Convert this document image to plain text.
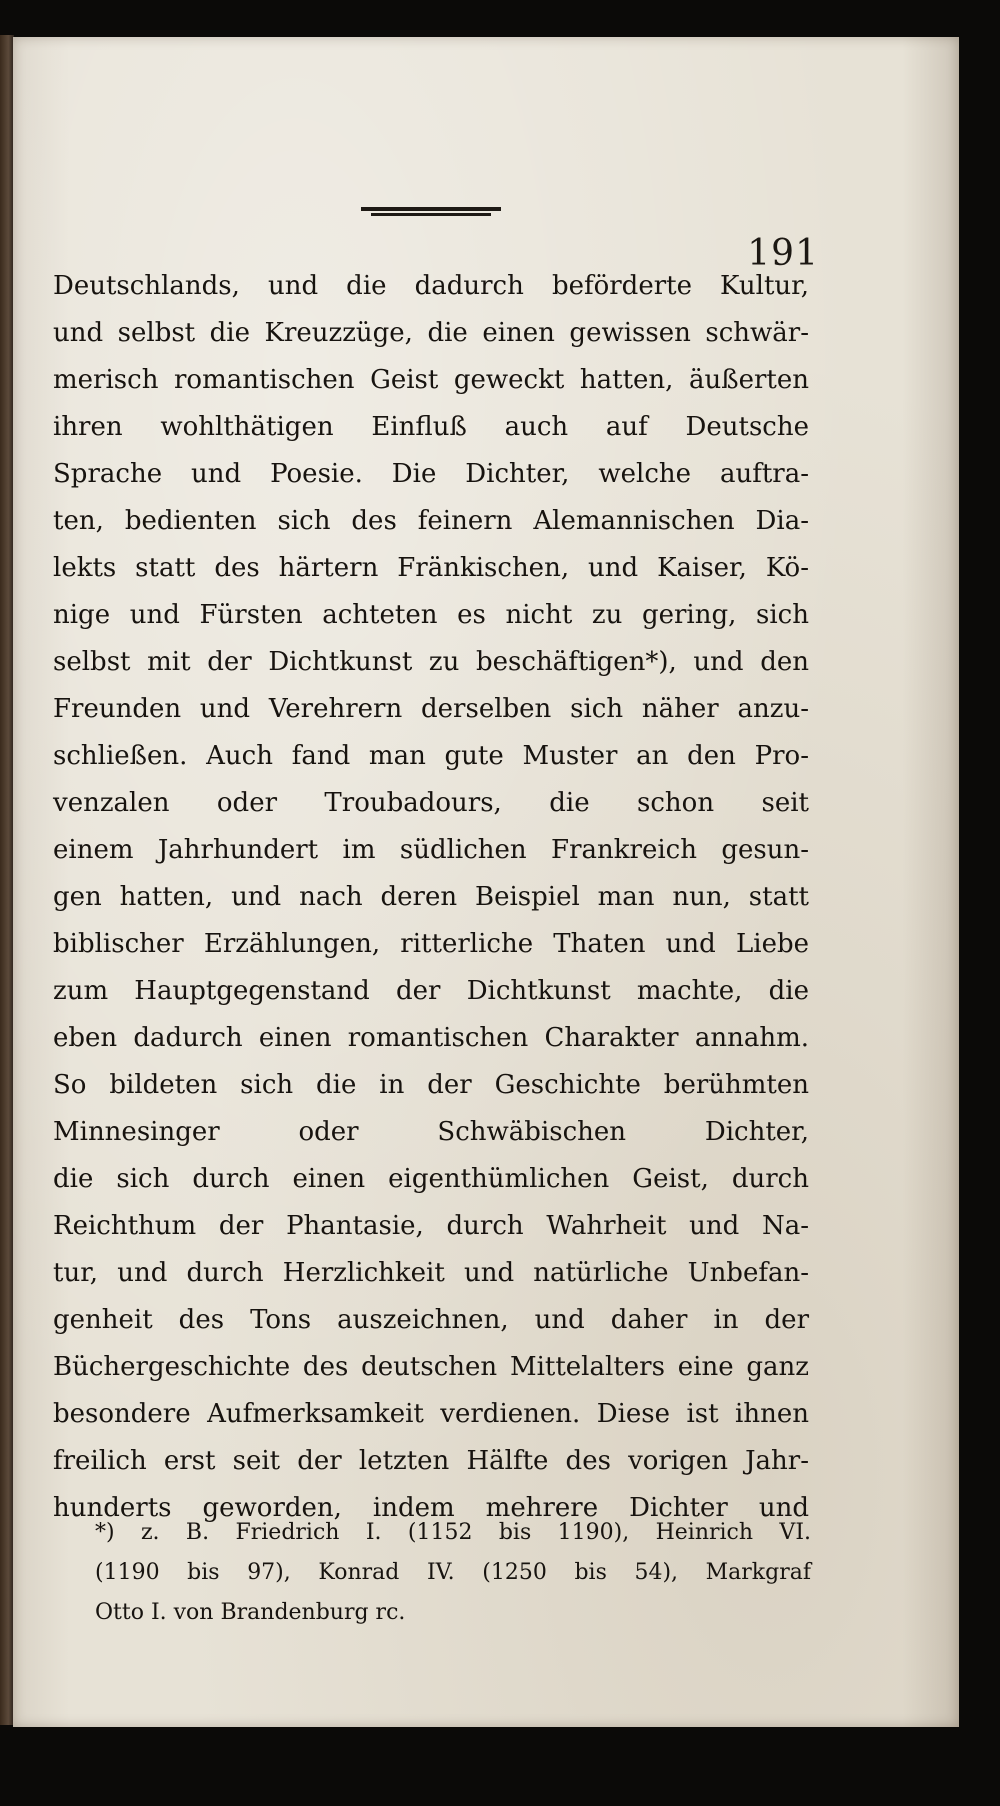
191
Deutschlands, und die dadurch beförderte Kultur,
und selbst die Kreuzzüge, die einen gewissen schwär-
merisch romantischen Geist geweckt hatten, äußerten
ihren wohlthätigen Einfluß auch auf Deutsche
Sprache und Poesie. Die Dichter, welche auftra-
ten, bedienten sich des feinern Alemannischen Dia-
lekts statt des härtern Fränkischen, und Kaiser, Kö-
nige und Fürsten achteten es nicht zu gering, sich
selbst mit der Dichtkunst zu beschäftigen*), und den
Freunden und Verehrern derselben sich näher anzu-
schließen. Auch fand man gute Muster an den Pro-
venzalen oder Troubadours, die schon seit
einem Jahrhundert im südlichen Frankreich gesun-
gen hatten, und nach deren Beispiel man nun, statt
biblischer Erzählungen, ritterliche Thaten und Liebe
zum Hauptgegenstand der Dichtkunst machte, die
eben dadurch einen romantischen Charakter annahm.
So bildeten sich die in der Geschichte berühmten
Minnesinger oder Schwäbischen Dichter,
die sich durch einen eigenthümlichen Geist, durch
Reichthum der Phantasie, durch Wahrheit und Na-
tur, und durch Herzlichkeit und natürliche Unbefan-
genheit des Tons auszeichnen, und daher in der
Büchergeschichte des deutschen Mittelalters eine ganz
besondere Aufmerksamkeit verdienen. Diese ist ihnen
freilich erst seit der letzten Hälfte des vorigen Jahr-
hunderts geworden, indem mehrere Dichter und
*) z. B. Friedrich I. (1152 bis 1190), Heinrich VI.
(1190 bis 97), Konrad IV. (1250 bis 54), Markgraf
Otto I. von Brandenburg rc.
